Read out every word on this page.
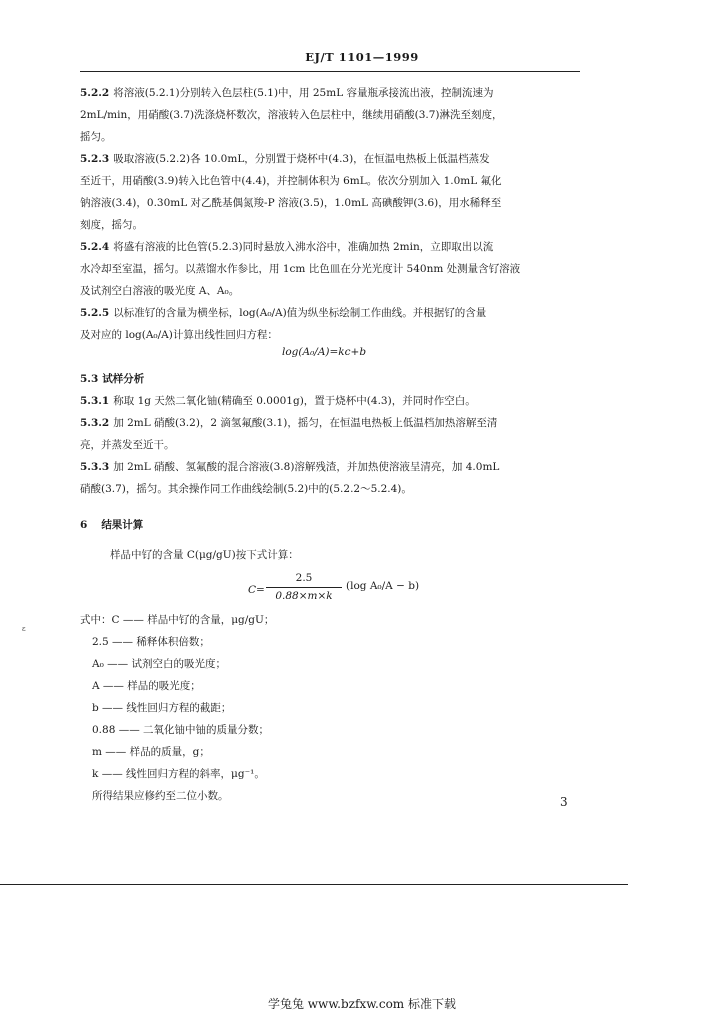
EJ/T 1101—1999
5.2.2 将溶液(5.2.1)分别转入色层柱(5.1)中，用 25mL 容量瓶承接流出液，控制流速为
2mL/min，用硝酸(3.7)洗涤烧杯数次，溶液转入色层柱中，继续用硝酸(3.7)淋洗至刻度，
摇匀。
5.2.3 吸取溶液(5.2.2)各 10.0mL，分别置于烧杯中(4.3)，在恒温电热板上低温档蒸发
至近干，用硝酸(3.9)转入比色管中(4.4)，并控制体积为 6mL。依次分别加入 1.0mL 氟化
钠溶液(3.4)，0.30mL 对乙酰基偶氮羧-P 溶液(3.5)，1.0mL 高碘酸钾(3.6)，用水稀释至
刻度，摇匀。
5.2.4 将盛有溶液的比色管(5.2.3)同时悬放入沸水浴中，准确加热 2min，立即取出以流
水冷却至室温，摇匀。以蒸馏水作参比，用 1cm 比色皿在分光光度计 540nm 处测量含钌溶液
及试剂空白溶液的吸光度 A、A₀。
5.2.5 以标准钌的含量为横坐标，log(A₀/A)值为纵坐标绘制工作曲线。并根据钌的含量
及对应的 log(A₀/A)计算出线性回归方程：
log(A₀/A)=kc+b
5.3 试样分析
5.3.1 称取 1g 天然二氧化铀(精确至 0.0001g)，置于烧杯中(4.3)，并同时作空白。
5.3.2 加 2mL 硝酸(3.2)，2 滴氢氟酸(3.1)，摇匀，在恒温电热板上低温档加热溶解至清
亮，并蒸发至近干。
5.3.3 加 2mL 硝酸、氢氟酸的混合溶液(3.8)溶解残渣，并加热使溶液呈清亮，加 4.0mL
硝酸(3.7)，摇匀。其余操作同工作曲线绘制(5.2)中的(5.2.2～5.2.4)。
6 结果计算
样品中钌的含量 C(μg/gU)按下式计算：
C=
2.5
0.88×m×k
(log A₀/A − b)
式中：C —— 样品中钌的含量，μg/gU；
2.5 —— 稀释体积倍数；
A₀ —— 试剂空白的吸光度；
A —— 样品的吸光度；
b —— 线性回归方程的截距；
0.88 —— 二氧化铀中铀的质量分数；
m —— 样品的质量，g；
k —— 线性回归方程的斜率，μg⁻¹。
所得结果应修约至二位小数。
ɛ
3
学兔兔 www.bzfxw.com 标准下载
